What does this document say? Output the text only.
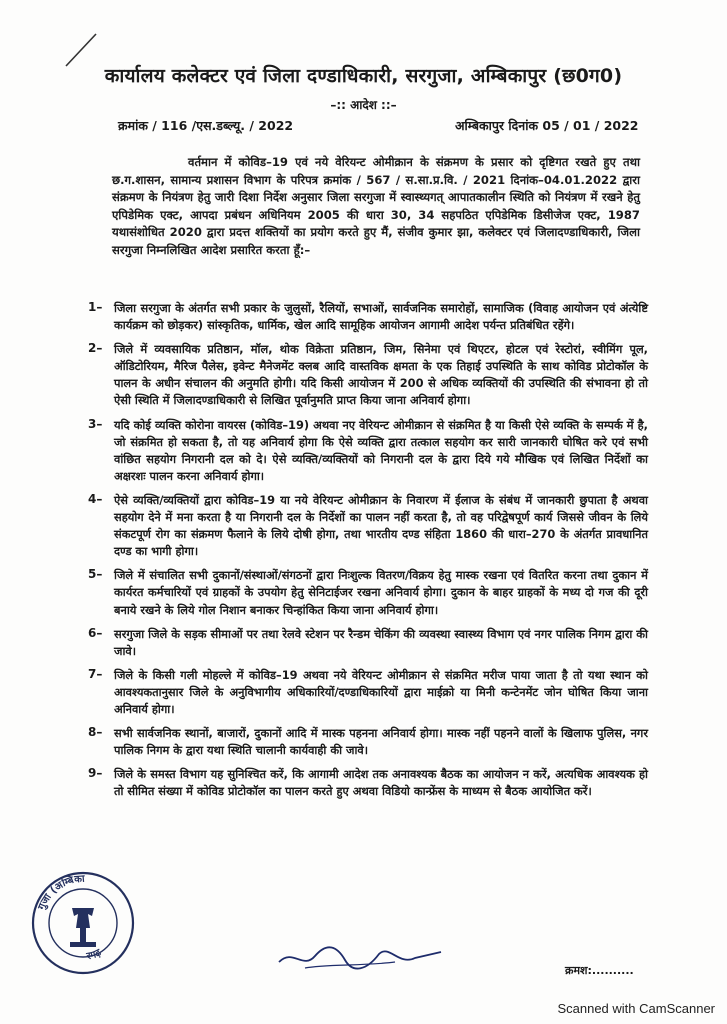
कार्यालय कलेक्टर एवं जिला दण्डाधिकारी, सरगुजा, अम्बिकापुर (छ0ग0)
–:: आदेश ::–
क्रमांक / 116 /एस.डब्ल्यू. / 2022	अम्बिकापुर दिनांक 05 / 01 / 2022

वर्तमान में कोविड–19 एवं नये वेरियन्ट ओमीक्रान के संक्रमण के प्रसार को दृष्टिगत रखते हुए तथा छ.ग.शासन, सामान्य प्रशासन विभाग के परिपत्र क्रमांक / 567 / स.सा.प्र.वि. / 2021 दिनांक–04.01.2022 द्वारा संक्रमण के नियंत्रण हेतु जारी दिशा निर्देश अनुसार जिला सरगुजा में स्वास्थ्यगत् आपातकालीन स्थिति को नियंत्रण में रखने हेतु एपिडेमिक एक्ट, आपदा प्रबंधन अधिनियम 2005 की धारा 30, 34 सहपठित एपिडेमिक डिसीजेज एक्ट, 1987 यथासंशोधित 2020 द्वारा प्रदत्त शक्तियों का प्रयोग करते हुए मैं, संजीव कुमार झा, कलेक्टर एवं जिलादण्डाधिकारी, जिला सरगुजा निम्नलिखित आदेश प्रसारित करता हूँ:–

1– जिला सरगुजा के अंतर्गत सभी प्रकार के जुलुसों, रैलियों, सभाओं, सार्वजनिक समारोहों, सामाजिक (विवाह आयोजन एवं अंत्येष्टि कार्यक्रम को छोड़कर) सांस्कृतिक, धार्मिक, खेल आदि सामूहिक आयोजन आगामी आदेश पर्यन्त प्रतिबंधित रहेंगे।

2– जिले में व्यवसायिक प्रतिष्ठान, मॉल, थोक विक्रेता प्रतिष्ठान, जिम, सिनेमा एवं थिएटर, होटल एवं रेस्टोरां, स्वीमिंग पूल, ऑडिटोरियम, मैरिज पैलेस, इवेन्ट मैनेजमेंट क्लब आदि वास्तविक क्षमता के एक तिहाई उपस्थिति के साथ कोविड प्रोटोकॉल के पालन के अधीन संचालन की अनुमति होगी। यदि किसी आयोजन में 200 से अधिक व्यक्तियों की उपस्थिति की संभावना हो तो ऐसी स्थिति में जिलादण्डाधिकारी से लिखित पूर्वानुमति प्राप्त किया जाना अनिवार्य होगा।

3– यदि कोई व्यक्ति कोरोना वायरस (कोविड–19) अथवा नए वेरियन्ट ओमीक्रान से संक्रमित है या किसी ऐसे व्यक्ति के सम्पर्क में है, जो संक्रमित हो सकता है, तो यह अनिवार्य होगा कि ऐसे व्यक्ति द्वारा तत्काल सहयोग कर सारी जानकारी घोषित करे एवं सभी वांछित सहयोग निगरानी दल को दे। ऐसे व्यक्ति/व्यक्तियों को निगरानी दल के द्वारा दिये गये मौखिक एवं लिखित निर्देशों का अक्षरशः पालन करना अनिवार्य होगा।

4– ऐसे व्यक्ति/व्यक्तियों द्वारा कोविड–19 या नये वेरियन्ट ओमीक्रान के निवारण में ईलाज के संबंध में जानकारी छुपाता है अथवा सहयोग देने में मना करता है या निगरानी दल के निर्देशों का पालन नहीं करता है, तो वह परिद्वेषपूर्ण कार्य जिससे जीवन के लिये संकटपूर्ण रोग का संक्रमण फैलाने के लिये दोषी होगा, तथा भारतीय दण्ड संहिता 1860 की धारा–270 के अंतर्गत प्रावधानित दण्ड का भागी होगा।

5– जिले में संचालित सभी दुकानों/संस्थाओं/संगठनों द्वारा निःशुल्क वितरण/विक्रय हेतु मास्क रखना एवं वितरित करना तथा दुकान में कार्यरत कर्मचारियों एवं ग्राहकों के उपयोग हेतु सेनिटाईजर रखना अनिवार्य होगा। दुकान के बाहर ग्राहकों के मध्य दो गज की दूरी बनाये रखने के लिये गोल निशान बनाकर चिन्हांकित किया जाना अनिवार्य होगा।

6– सरगुजा जिले के सड़क सीमाओं पर तथा रेलवे स्टेशन पर रैन्डम चेकिंग की व्यवस्था स्वास्थ्य विभाग एवं नगर पालिक निगम द्वारा की जावे।

7– जिले के किसी गली मोहल्ले में कोविड–19 अथवा नये वेरियन्ट ओमीक्रान से संक्रमित मरीज पाया जाता है तो यथा स्थान को आवश्यकतानुसार जिले के अनुविभागीय अधिकारियों/दण्डाधिकारियों द्वारा माईक्रो या मिनी कन्टेनमेंट जोन घोषित किया जाना अनिवार्य होगा।

8– सभी सार्वजनिक स्थानों, बाजारों, दुकानों आदि में मास्क पहनना अनिवार्य होगा। मास्क नहीं पहनने वालों के खिलाफ पुलिस, नगर पालिक निगम के द्वारा यथा स्थिति चालानी कार्यवाही की जावे।

9– जिले के समस्त विभाग यह सुनिश्चित करें, कि आगामी आदेश तक अनावश्यक बैठक का आयोजन न करें, अत्यधिक आवश्यक हो तो सीमित संख्या में कोविड प्रोटोकॉल का पालन करते हुए अथवा विडियो कान्फ्रेंस के माध्यम से बैठक आयोजित करें।

गुजा (अम्बिका
रगढ़
क्रमश:..........
Scanned with CamScanner
